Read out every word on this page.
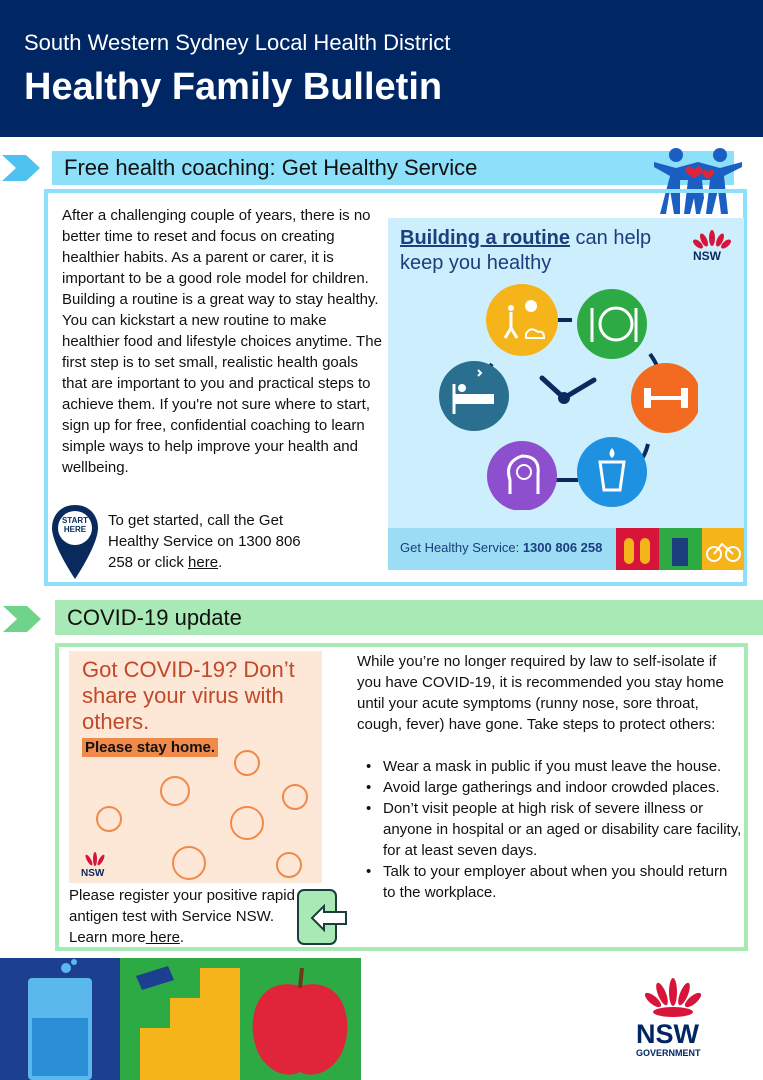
South Western Sydney Local Health District
Healthy Family Bulletin
Free health coaching: Get Healthy Service
After a challenging couple of years, there is no better time to reset and focus on creating healthier habits. As a parent or carer, it is important to be a good role model for children. Building a routine is a great way to stay healthy. You can kickstart a new routine to make healthier food and lifestyle choices anytime. The first step is to set small, realistic health goals that are important to you and practical steps to achieve them. If you're not sure where to start, sign up for free, confidential coaching to learn simple ways to help improve your health and wellbeing.
START HERE
To get started, call the Get Healthy Service on 1300 806 258 or click here.
Building a routine can help keep you healthy	NSW
Get Healthy Service: 1300 806 258
COVID-19 update
Got COVID-19? Don’t share your virus with others.
Please stay home.
NSW
Please register your positive rapid antigen test with Service NSW. Learn more here.
While you’re no longer required by law to self-isolate if you have COVID-19, it is recommended you stay home until your acute symptoms (runny nose, sore throat, cough, fever) have gone. Take steps to protect others:
• Wear a mask in public if you must leave the house.
• Avoid large gatherings and indoor crowded places.
• Don’t visit people at high risk of severe illness or anyone in hospital or an aged or disability care facility, for at least seven days.
• Talk to your employer about when you should return to the workplace.
NSW
GOVERNMENT
